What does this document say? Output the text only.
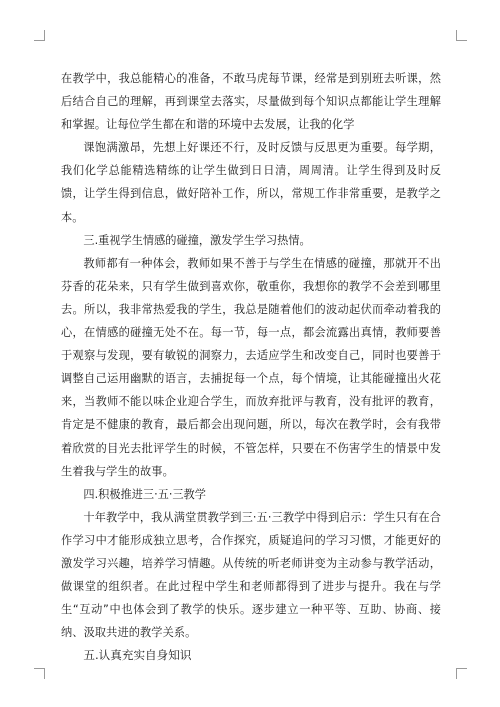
在教学中，我总能精心的准备，不敢马虎每节课，经常是到别班去听课，然后结合自己的理解，再到课堂去落实，尽量做到每个知识点都能让学生理解和掌握。让每位学生都在和谐的环境中去发展，让我的化学

课饱满激昂，先想上好课还不行，及时反馈与反思更为重要。每学期，我们化学总能精选精练的让学生做到日日清，周周清。让学生得到及时反馈，让学生得到信息，做好陪补工作，所以，常规工作非常重要，是教学之本。

三.重视学生情感的碰撞，激发学生学习热情。

教师都有一种体会，教师如果不善于与学生在情感的碰撞，那就开不出芬香的花朵来，只有学生做到喜欢你，敬重你，我想你的教学不会差到哪里去。所以，我非常热爱我的学生，我总是随着他们的波动起伏而牵动着我的心，在情感的碰撞无处不在。每一节，每一点，都会流露出真情，教师要善于观察与发现，要有敏锐的洞察力，去适应学生和改变自己，同时也要善于调整自己运用幽默的语言，去捕捉每一个点，每个情境，让其能碰撞出火花来，当教师不能以味企业迎合学生，而放弃批评与教育，没有批评的教育，肯定是不健康的教育，最后都会出现问题，所以，每次在教学时，会有我带着欣赏的目光去批评学生的时候，不管怎样，只要在不伤害学生的情景中发生着我与学生的故事。

四.积极推进三·五·三教学

十年教学中，我从满堂贯教学到三·五·三教学中得到启示：学生只有在合作学习中才能形成独立思考，合作探究，质疑追问的学习习惯，才能更好的激发学习兴趣，培养学习情趣。从传统的听老师讲变为主动参与教学活动，做课堂的组织者。在此过程中学生和老师都得到了进步与提升。我在与学生“互动”中也体会到了教学的快乐。逐步建立一种平等、互助、协商、接纳、汲取共进的教学关系。

五.认真充实自身知识
